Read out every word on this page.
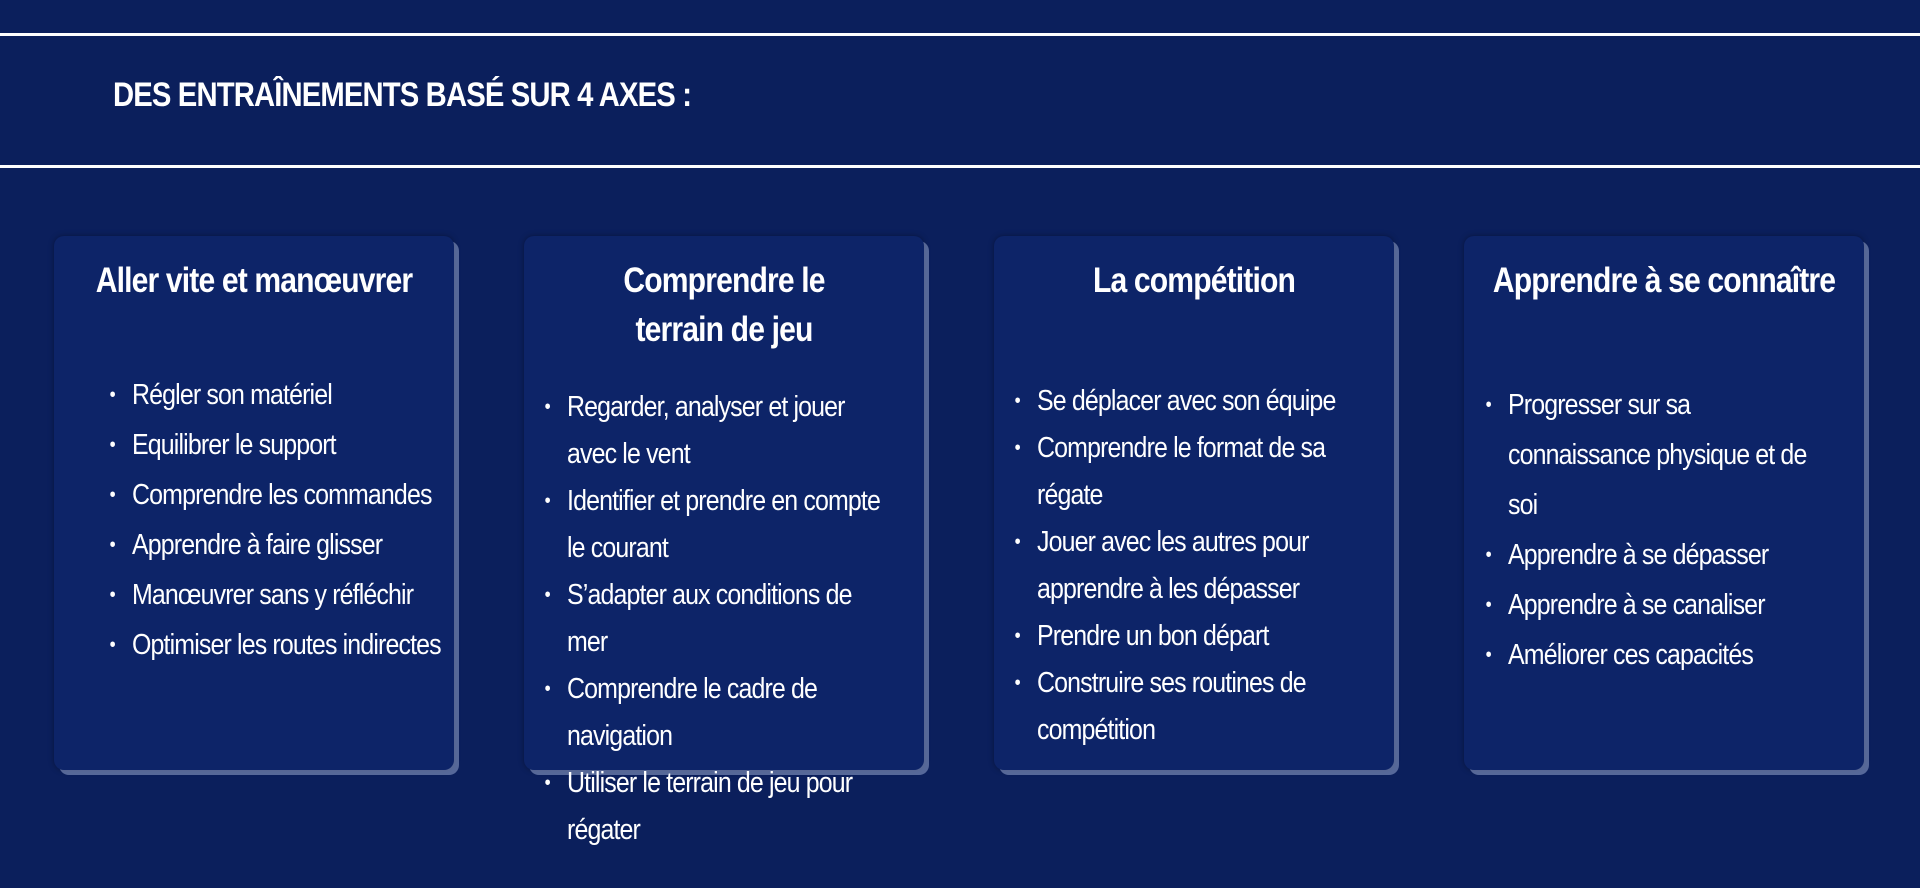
DES ENTRAÎNEMENTS BASÉ SUR 4 AXES :
Aller vite et manœuvrer	Comprendre le terrain de jeu
La compétition	Apprendre à se connaître
• Régler son matériel
• Equilibrer le support
• Comprendre les commandes
• Apprendre à faire glisser
• Manœuvrer sans y réfléchir
• Optimiser les routes indirectes
• Regarder, analyser et jouer avec le vent
• Identifier et prendre en compte le courant
• S’adapter aux conditions de mer
• Comprendre le cadre de navigation
• Utiliser le terrain de jeu pour régater
• Se déplacer avec son équipe
• Comprendre le format de sa régate
• Jouer avec les autres pour apprendre à les dépasser
• Prendre un bon départ
• Construire ses routines de compétition
• Progresser sur sa connaissance physique et de soi
• Apprendre à se dépasser
• Apprendre à se canaliser
• Améliorer ces capacités
